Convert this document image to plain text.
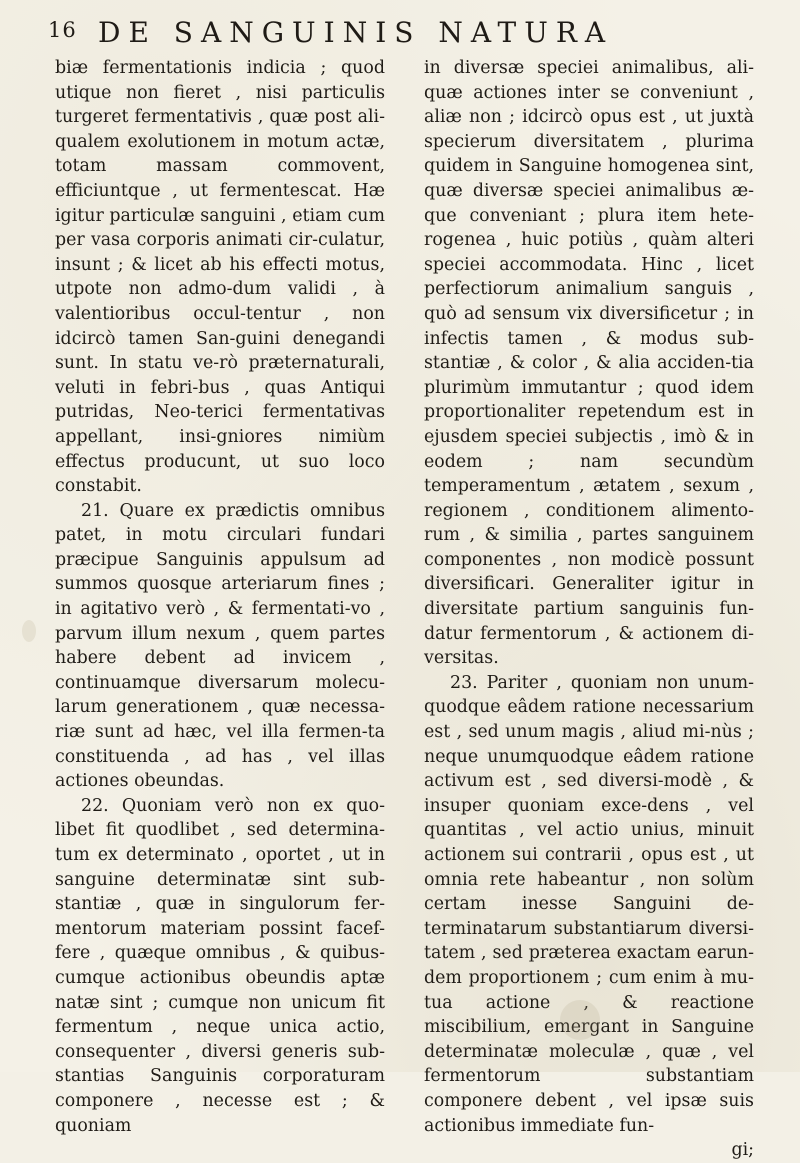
16 DE SANGUINIS NATURA

biæ fermentationis indicia ; quod utique non fieret , nisi particulis turgeret fermentativis , quæ post ali-qualem exolutionem in motum actæ, totam massam commovent, efficiuntque , ut fermentescat. Hæ igitur particulæ sanguini , etiam cum per vasa corporis animati cir-culatur, insunt ; & licet ab his effecti motus, utpote non admo-dum validi , à valentioribus occul-tentur , non idcircò tamen San-guini denegandi sunt. In statu ve-rò præternaturali, veluti in febri-bus , quas Antiqui putridas, Neo-terici fermentativas appellant, insi-gniores nimiùm effectus producunt, ut suo loco constabit.

21. Quare ex prædictis omnibus patet, in motu circulari fundari præcipue Sanguinis appulsum ad summos quosque arteriarum fines ; in agitativo verò , & fermentati-vo , parvum illum nexum , quem partes habere debent ad invicem , continuamque diversarum molecu-larum generationem , quæ necessa-riæ sunt ad hæc, vel illa fermen-ta constituenda , ad has , vel illas actiones obeundas.

22. Quoniam verò non ex quo-libet fit quodlibet , sed determina-tum ex determinato , oportet , ut in sanguine determinatæ sint sub-stantiæ , quæ in singulorum fer-mentorum materiam possint facef-fere , quæque omnibus , & quibus-cumque actionibus obeundis aptæ natæ sint ; cumque non unicum fit fermentum , neque unica actio, consequenter , diversi generis sub-stantias Sanguinis corporaturam componere , necesse est ; & quoniam

in diversæ speciei animalibus, ali-quæ actiones inter se conveniunt , aliæ non ; idcircò opus est , ut juxtà specierum diversitatem , plurima quidem in Sanguine homogenea sint, quæ diversæ speciei animalibus æ-que conveniant ; plura item hete-rogenea , huic potiùs , quàm alteri speciei accommodata. Hinc , licet perfectiorum animalium sanguis , quò ad sensum vix diversificetur ; in infectis tamen , & modus sub-stantiæ , & color , & alia acciden-tia plurimùm immutantur ; quod idem proportionaliter repetendum est in ejusdem speciei subjectis , imò & in eodem ; nam secundùm temperamentum , ætatem , sexum , regionem , conditionem alimento-rum , & similia , partes sanguinem componentes , non modicè possunt diversificari. Generaliter igitur in diversitate partium sanguinis fun-datur fermentorum , & actionem di-versitas.

23. Pariter , quoniam non unum-quodque eâdem ratione necessarium est , sed unum magis , aliud mi-nùs ; neque unumquodque eâdem ratione activum est , sed diversi-modè , & insuper quoniam exce-dens , vel quantitas , vel actio unius, minuit actionem sui contrarii , opus est , ut omnia rete habeantur , non solùm certam inesse Sanguini de-terminatarum substantiarum diversi-tatem , sed præterea exactam earun-dem proportionem ; cum enim à mu-tua actione , & reactione miscibilium, emergant in Sanguine determinatæ moleculæ , quæ , vel fermentorum substantiam componere debent , vel ipsæ suis actionibus immediate fun-

gi;
